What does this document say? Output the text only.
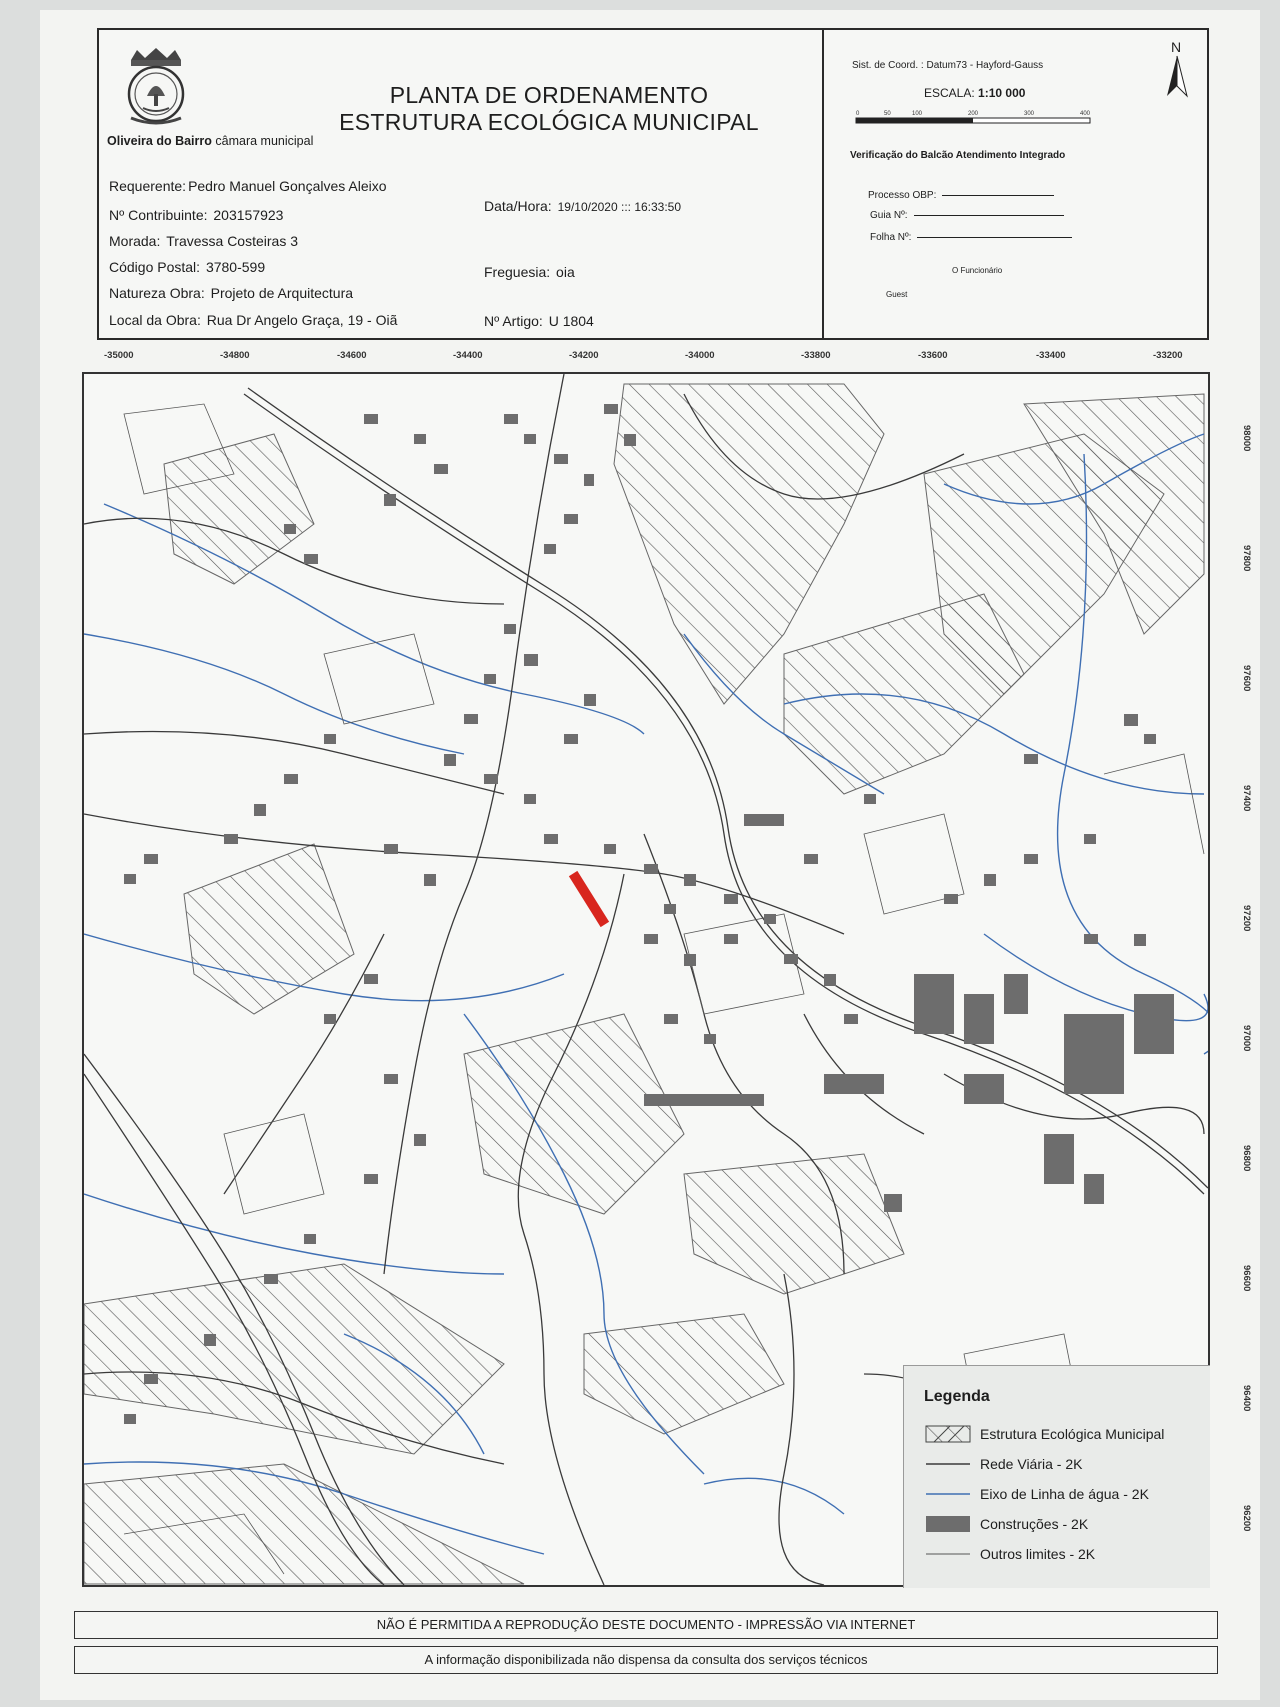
Oliveira do Bairro câmara municipal
PLANTA DE ORDENAMENTO
ESTRUTURA ECOLÓGICA MUNICIPAL
Requerente: Pedro Manuel Gonçalves Aleixo
Nº Contribuinte: 203157923
Morada: Travessa Costeiras 3
Código Postal: 3780-599
Natureza Obra: Projeto de Arquitectura
Local da Obra: Rua Dr Angelo Graça, 19 - Oiã
Data/Hora: 19/10/2020 ::: 16:33:50
Freguesia: oia
Nº Artigo: U 1804
Sist. de Coord. : Datum73 - Hayford-Gauss
ESCALA: 1:10 000
0	50	100	200	300	400
Verificação do Balcão Atendimento Integrado
Processo OBP:
Guia Nº:
Folha Nº:
O Funcionário
Guest
N
-35000	-34800	-34600	-34400	-34200	-34000	-33800	-33600	-33400	-33200
98000
97800
97600
97400
97200
97000
96800
96600
96400
96200
Legenda
Estrutura Ecológica Municipal
Rede Viária - 2K
Eixo de Linha de água - 2K
Construções - 2K
Outros limites - 2K
NÃO É PERMITIDA A REPRODUÇÃO DESTE DOCUMENTO - IMPRESSÃO VIA INTERNET
A informação disponibilizada não dispensa da consulta dos serviços técnicos
